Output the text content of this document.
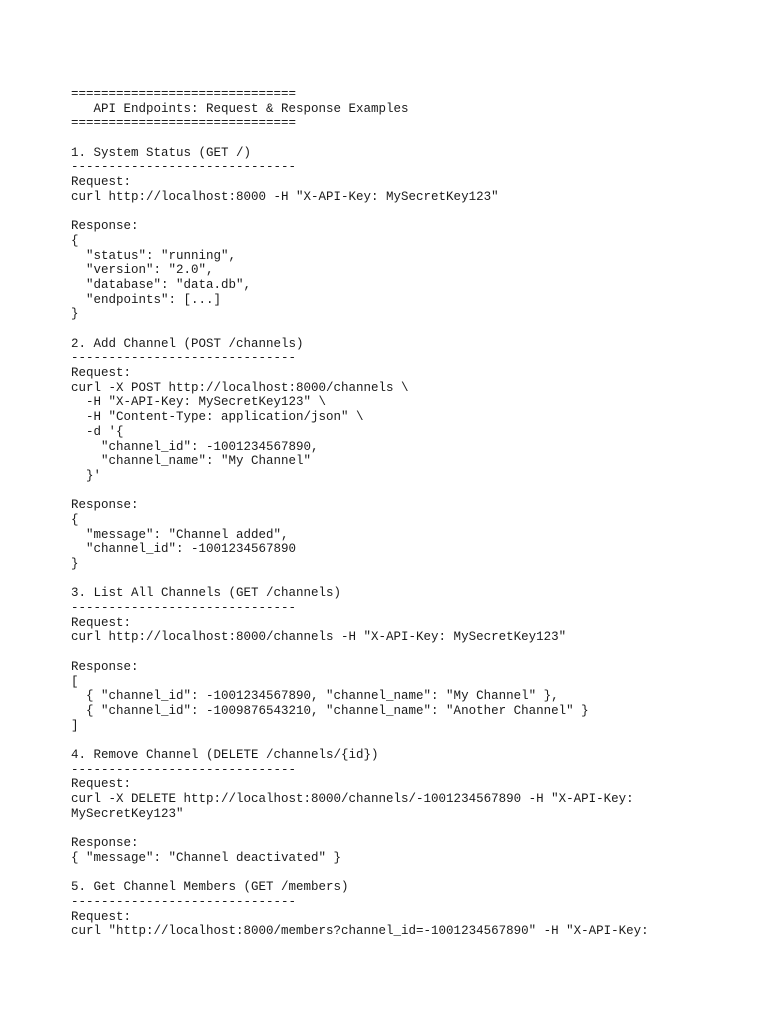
==============================
API Endpoints: Request & Response Examples
==============================
1. System Status (GET /)
------------------------------
Request:
curl http://localhost:8000 -H "X-API-Key: MySecretKey123"
Response:
{
"status": "running",
"version": "2.0",
"database": "data.db",
"endpoints": [...]
}
2. Add Channel (POST /channels)
------------------------------
Request:
curl -X POST http://localhost:8000/channels \
-H "X-API-Key: MySecretKey123" \
-H "Content-Type: application/json" \
-d '{
"channel_id": -1001234567890,
"channel_name": "My Channel"
}'
Response:
{
"message": "Channel added",
"channel_id": -1001234567890
}
3. List All Channels (GET /channels)
------------------------------
Request:
curl http://localhost:8000/channels -H "X-API-Key: MySecretKey123"
Response:
[
{ "channel_id": -1001234567890, "channel_name": "My Channel" },
{ "channel_id": -1009876543210, "channel_name": "Another Channel" }
]
4. Remove Channel (DELETE /channels/{id})
------------------------------
Request:
curl -X DELETE http://localhost:8000/channels/-1001234567890 -H "X-API-Key:
MySecretKey123"
Response:
{ "message": "Channel deactivated" }
5. Get Channel Members (GET /members)
------------------------------
Request:
curl "http://localhost:8000/members?channel_id=-1001234567890" -H "X-API-Key:
